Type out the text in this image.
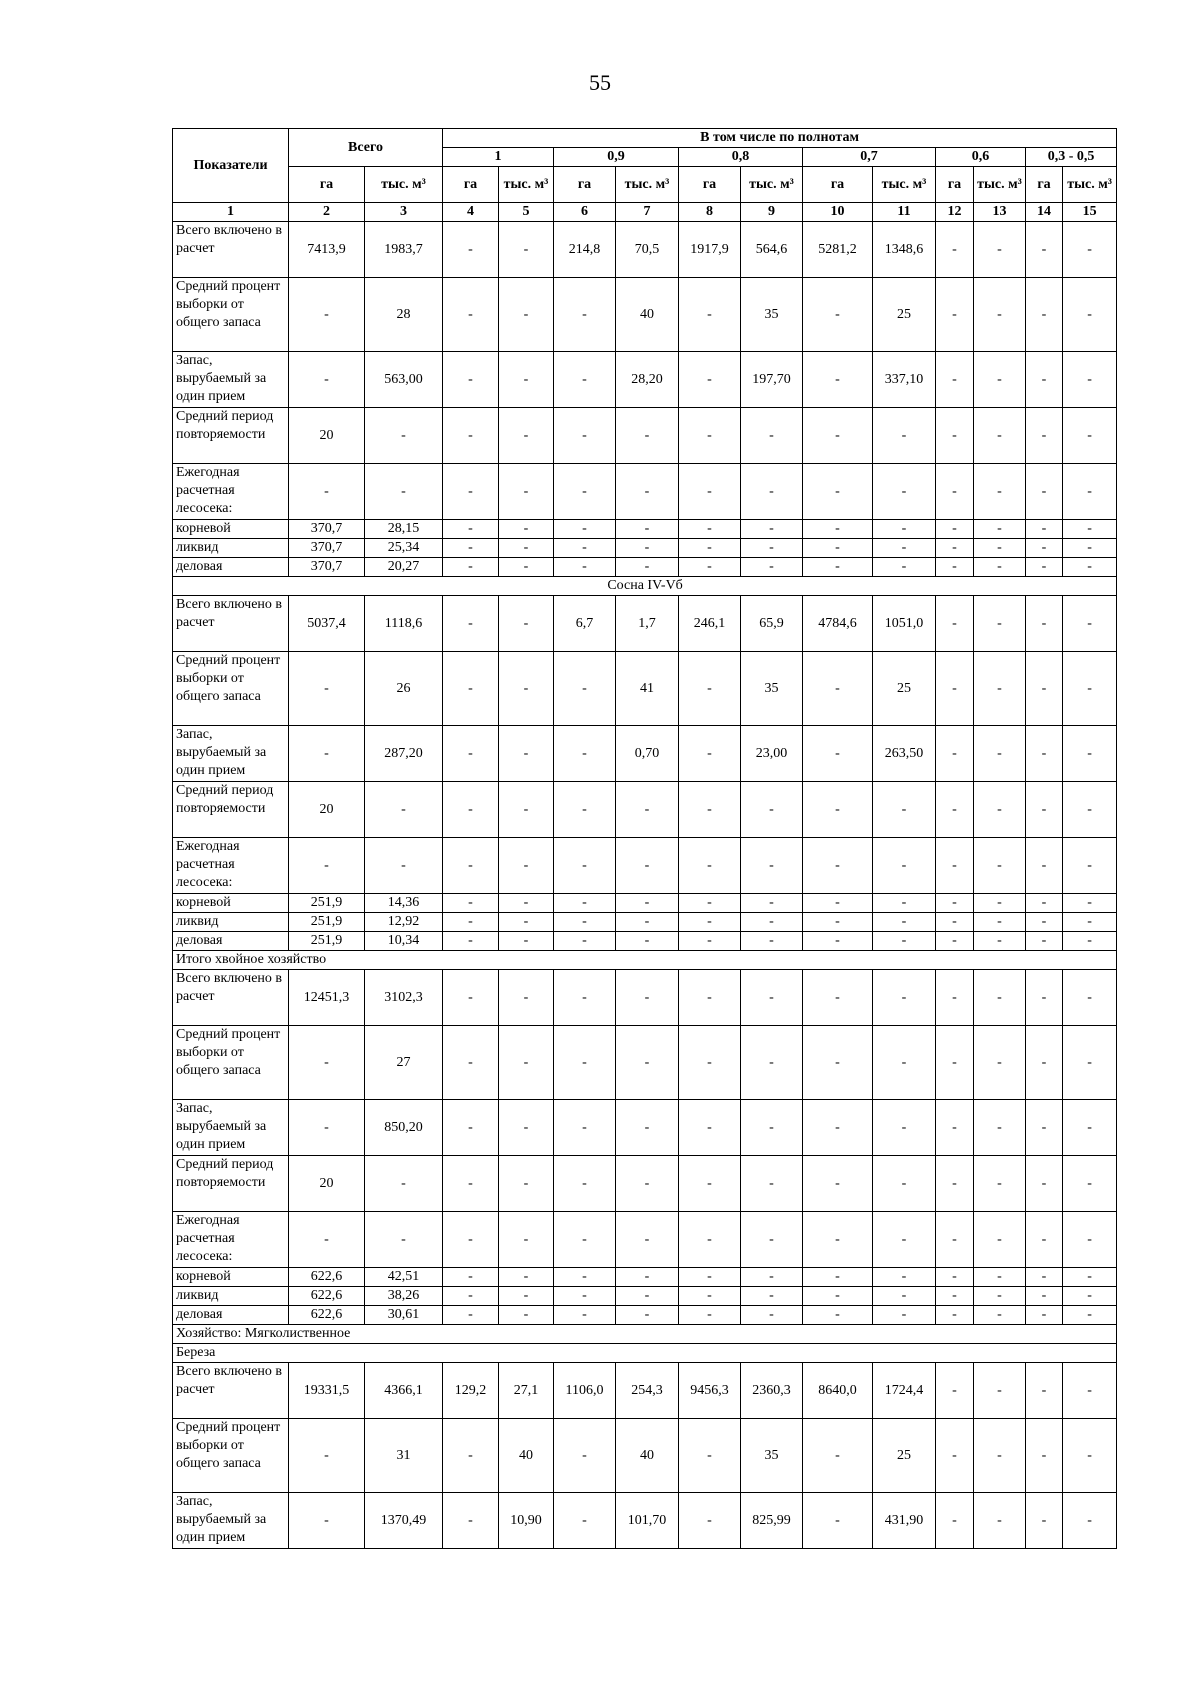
55
Показатели	Всего		В том числе по полнотам											
			1		0,9		0,8		0,7		0,6		0,3 - 0,5	
	га	тыс. м³	га	тыс. м³	га	тыс. м³	га	тыс. м³	га	тыс. м³	га	тыс. м³	га	тыс. м³
1	2	3	4	5	6	7	8	9	10	11	12	13	14	15
Всего включено в расчет	7413,9	1983,7	-	-	214,8	70,5	1917,9	564,6	5281,2	1348,6	-	-	-	-
Средний процент выборки от общего запаса	-	28	-	-	-	40	-	35	-	25	-	-	-	-
Запас, вырубаемый за один прием	-	563,00	-	-	-	28,20	-	197,70	-	337,10	-	-	-	-
Средний период повторяемости	20	-	-	-	-	-	-	-	-	-	-	-	-	-
Ежегодная расчетная лесосека:	-	-	-	-	-	-	-	-	-	-	-	-	-	-
корневой	370,7	28,15	-	-	-	-	-	-	-	-	-	-	-	-
ликвид	370,7	25,34	-	-	-	-	-	-	-	-	-	-	-	-
деловая	370,7	20,27	-	-	-	-	-	-	-	-	-	-	-	-
Сосна IV-Vб														
Всего включено в расчет	5037,4	1118,6	-	-	6,7	1,7	246,1	65,9	4784,6	1051,0	-	-	-	-
Средний процент выборки от общего запаса	-	26	-	-	-	41	-	35	-	25	-	-	-	-
Запас, вырубаемый за один прием	-	287,20	-	-	-	0,70	-	23,00	-	263,50	-	-	-	-
Средний период повторяемости	20	-	-	-	-	-	-	-	-	-	-	-	-	-
Ежегодная расчетная лесосека:	-	-	-	-	-	-	-	-	-	-	-	-	-	-
корневой	251,9	14,36	-	-	-	-	-	-	-	-	-	-	-	-
ликвид	251,9	12,92	-	-	-	-	-	-	-	-	-	-	-	-
деловая	251,9	10,34	-	-	-	-	-	-	-	-	-	-	-	-
Итого хвойное хозяйство														
Всего включено в расчет	12451,3	3102,3	-	-	-	-	-	-	-	-	-	-	-	-
Средний процент выборки от общего запаса	-	27	-	-	-	-	-	-	-	-	-	-	-	-
Запас, вырубаемый за один прием	-	850,20	-	-	-	-	-	-	-	-	-	-	-	-
Средний период повторяемости	20	-	-	-	-	-	-	-	-	-	-	-	-	-
Ежегодная расчетная лесосека:	-	-	-	-	-	-	-	-	-	-	-	-	-	-
корневой	622,6	42,51	-	-	-	-	-	-	-	-	-	-	-	-
ликвид	622,6	38,26	-	-	-	-	-	-	-	-	-	-	-	-
деловая	622,6	30,61	-	-	-	-	-	-	-	-	-	-	-	-
Хозяйство: Мягколиственное														
Береза														
Всего включено в расчет	19331,5	4366,1	129,2	27,1	1106,0	254,3	9456,3	2360,3	8640,0	1724,4	-	-	-	-
Средний процент выборки от общего запаса	-	31	-	40	-	40	-	35	-	25	-	-	-	-
Запас, вырубаемый за один прием	-	1370,49	-	10,90	-	101,70	-	825,99	-	431,90	-	-	-	-
